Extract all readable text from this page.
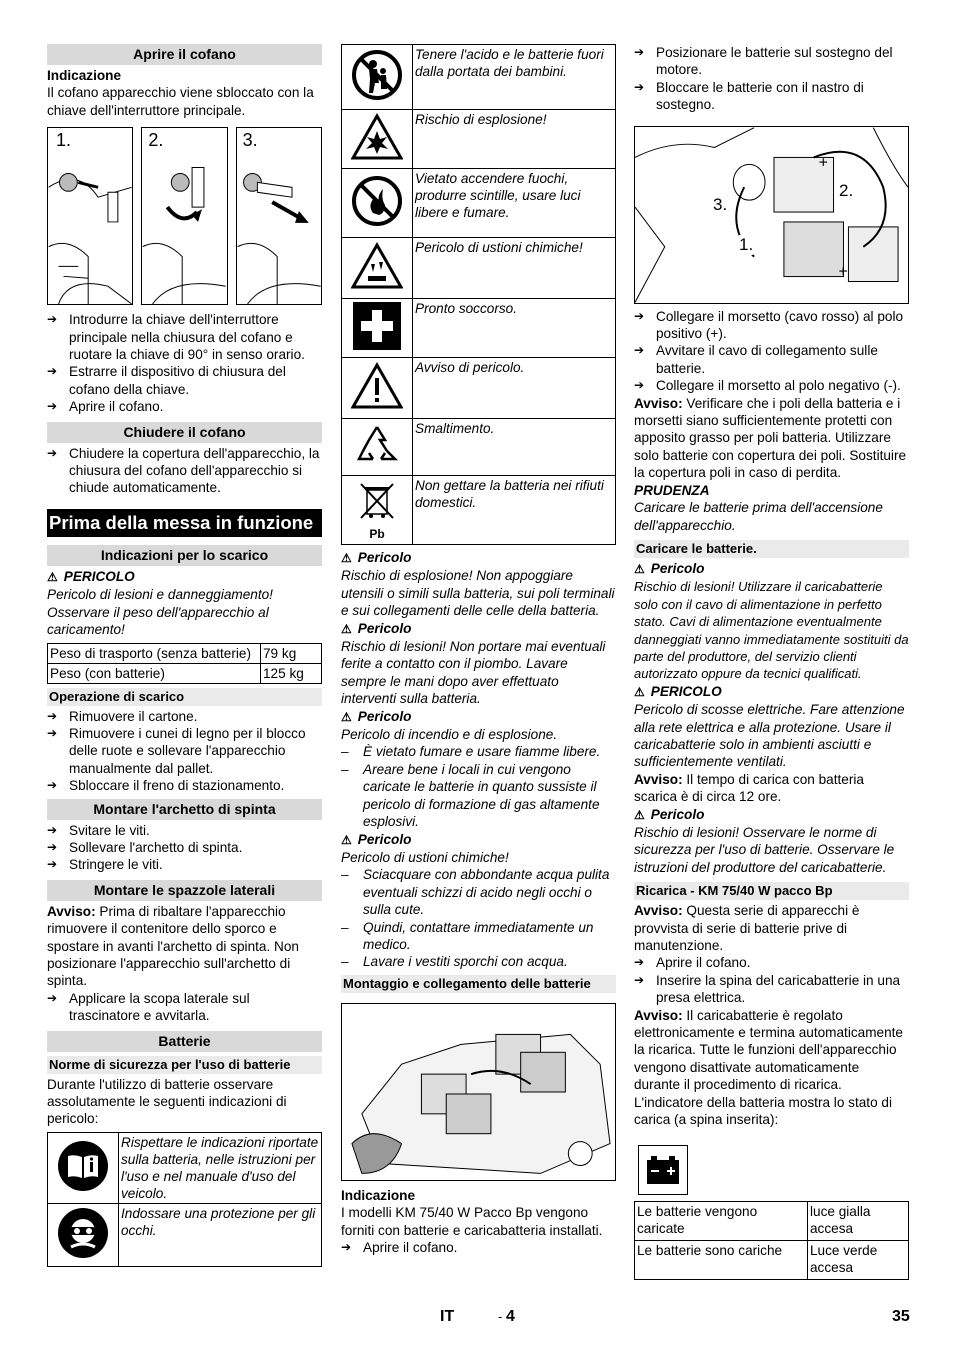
Aprire il cofano

Indicazione

Il cofano apparecchio viene sbloccato con la chiave dell'interruttore principale.

1.	2.	3.
➔ Introdurre la chiave dell'interruttore principale nella chiusura del cofano e ruotare la chiave di 90° in senso orario.
➔ Estrarre il dispositivo di chiusura del cofano della chiave.
➔ Aprire il cofano.
Chiudere il cofano
➔ Chiudere la copertura dell'apparecchio, la chiusura del cofano dell'apparecchio si chiude automaticamente.
Prima della messa in funzione
Indicazioni per lo scarico
⚠ PERICOLO

Pericolo di lesioni e danneggiamento! Osservare il peso dell'apparecchio al caricamento!

Peso di trasporto (senza batterie)	79 kg
Peso (con batterie)	125 kg
Operazione di scarico
➔ Rimuovere il cartone.
➔ Rimuovere i cunei di legno per il blocco delle ruote e sollevare l'apparecchio manualmente dal pallet.
➔ Sbloccare il freno di stazionamento.
Montare l'archetto di spinta
➔ Svitare le viti.
➔ Sollevare l'archetto di spinta.
➔ Stringere le viti.
Montare le spazzole laterali

Avviso: Prima di ribaltare l'apparecchio rimuovere il contenitore dello sporco e spostare in avanti l'archetto di spinta. Non posizionare l'apparecchio sull'archetto di spinta.

➔ Applicare la scopa laterale sul trascinatore e avvitarla.
Batterie
Norme di sicurezza per l'uso di batterie

Durante l'utilizzo di batterie osservare assolutamente le seguenti indicazioni di pericolo:

	Rispettare le indicazioni riportate sulla batteria, nelle istruzioni per l'uso e nel manuale d'uso del veicolo.
	Indossare una protezione per gli occhi.
	Tenere l'acido e le batterie fuori dalla portata dei bambini.
	Rischio di esplosione!
	Vietato accendere fuochi, produrre scintille, usare luci libere e fumare.
	Pericolo di ustioni chimiche!
	Pronto soccorso.
	Avviso di pericolo.
	Smaltimento.

Pb	Non gettare la batteria nei rifiuti domestici.
⚠ Pericolo

Rischio di esplosione! Non appoggiare utensili o simili sulla batteria, sui poli terminali e sui collegamenti delle celle della batteria.

⚠ Pericolo

Rischio di lesioni! Non portare mai eventuali ferite a contatto con il piombo. Lavare sempre le mani dopo aver effettuato interventi sulla batteria.

⚠ Pericolo

Pericolo di incendio e di esplosione.

– È vietato fumare e usare fiamme libere.
– Areare bene i locali in cui vengono caricate le batterie in quanto sussiste il pericolo di formazione di gas altamente esplosivi.
⚠ Pericolo

Pericolo di ustioni chimiche!

– Sciacquare con abbondante acqua pulita eventuali schizzi di acido negli occhi o sulla cute.
– Quindi, contattare immediatamente un medico.
– Lavare i vestiti sporchi con acqua.
Montaggio e collegamento delle batterie

Indicazione

I modelli KM 75/40 W Pacco Bp vengono forniti con batterie e caricabatteria installati.

➔ Aprire il cofano.
➔ Posizionare le batterie sul sostegno del motore.
➔ Bloccare le batterie con il nastro di sostegno.
+
+
1.
2.
3.
➔ Collegare il morsetto (cavo rosso) al polo positivo (+).
➔ Avvitare il cavo di collegamento sulle batterie.
➔ Collegare il morsetto al polo negativo (-).

Avviso: Verificare che i poli della batteria e i morsetti siano sufficientemente protetti con apposito grasso per poli batteria. Utilizzare solo batterie con copertura dei poli. Sostituire la copertura poli in caso di perdita.

PRUDENZA

Caricare le batterie prima dell'accensione dell'apparecchio.

Caricare le batterie.
⚠ Pericolo

Rischio di lesioni! Utilizzare il caricabatterie solo con il cavo di alimentazione in perfetto stato. Cavi di alimentazione eventualmente danneggiati vanno immediatamente sostituiti da parte del produttore, del servizio clienti autorizzato oppure da tecnici qualificati.

⚠ PERICOLO

Pericolo di scosse elettriche. Fare attenzione alla rete elettrica e alla protezione. Usare il caricabatterie solo in ambienti asciutti e sufficientemente ventilati.

Avviso: Il tempo di carica con batteria scarica è di circa 12 ore.

⚠ Pericolo

Rischio di lesioni! Osservare le norme di sicurezza per l'uso di batterie. Osservare le istruzioni del produttore del caricabatterie.

Ricarica - KM 75/40 W pacco Bp

Avviso: Questa serie di apparecchi è provvista di serie di batterie prive di manutenzione.

➔ Aprire il cofano.
➔ Inserire la spina del caricabatterie in una presa elettrica.

Avviso: Il caricabatterie è regolato elettronicamente e termina automaticamente la ricarica. Tutte le funzioni dell'apparecchio vengono disattivate automaticamente durante il procedimento di ricarica.

L'indicatore della batteria mostra lo stato di carica (a spina inserita):

Le batterie vengono caricate	luce gialla accesa
Le batterie sono cariche	Luce verde accesa
IT	- 4	35
